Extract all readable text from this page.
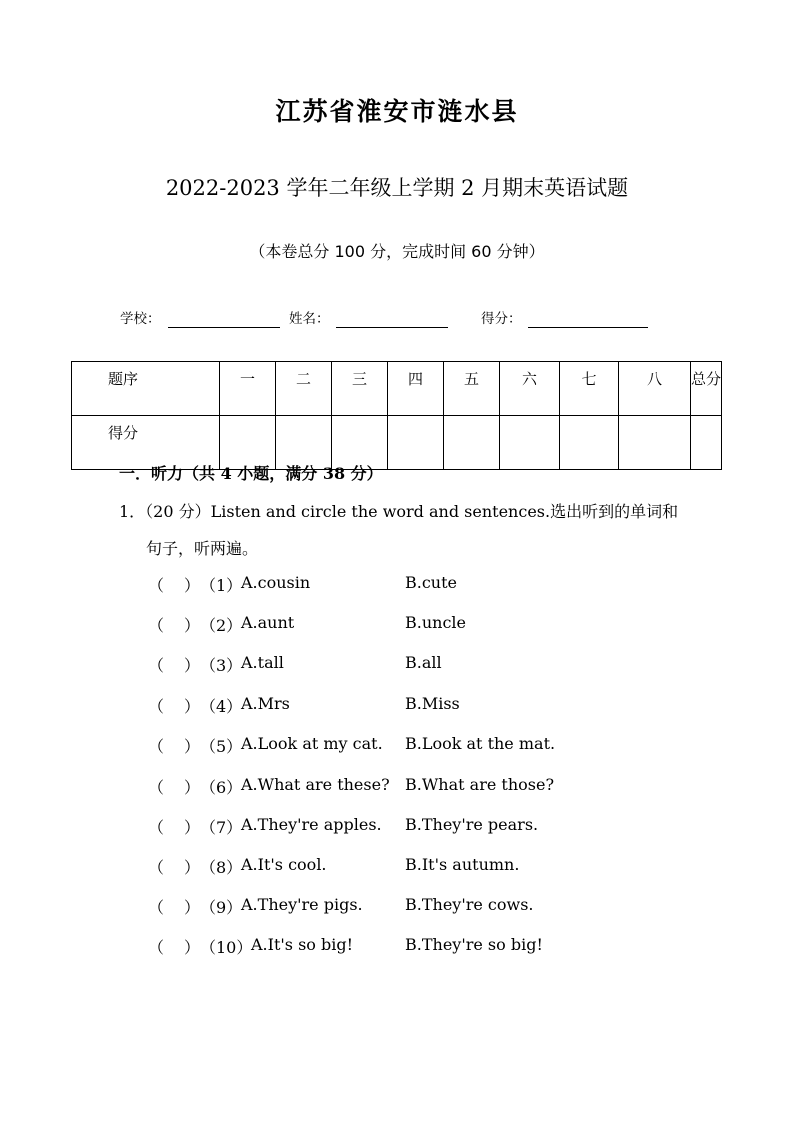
江苏省淮安市涟水县
2022-2023 学年二年级上学期 2 月期末英语试题
（本卷总分 100 分，完成时间 60 分钟）
学校：	姓名：	得分：
题序	一	二	三	四	五	六	七	八	总分
得分									
一．听力（共 4 小题，满分 38 分）
1．（20 分）Listen and circle the word and sentences.选出听到的单词和
句子，听两遍。
（ ） （1）
A.cousin	B.cute
（ ） （2）
A.aunt	B.uncle
（ ） （3）
A.tall	B.all
（ ） （4）
A.Mrs	B.Miss
（ ） （5）
A.Look at my cat. B.Look at the mat.
（ ） （6）
A.What are these? B.What are those?
（ ） （7）
A.They're apples. B.They're pears.
（ ） （8）
A.It's cool.	B.It's autumn.
（ ） （9）
A.They're pigs.	B.They're cows.
（ ） （10）
A.It's so big!	B.They're so big!
